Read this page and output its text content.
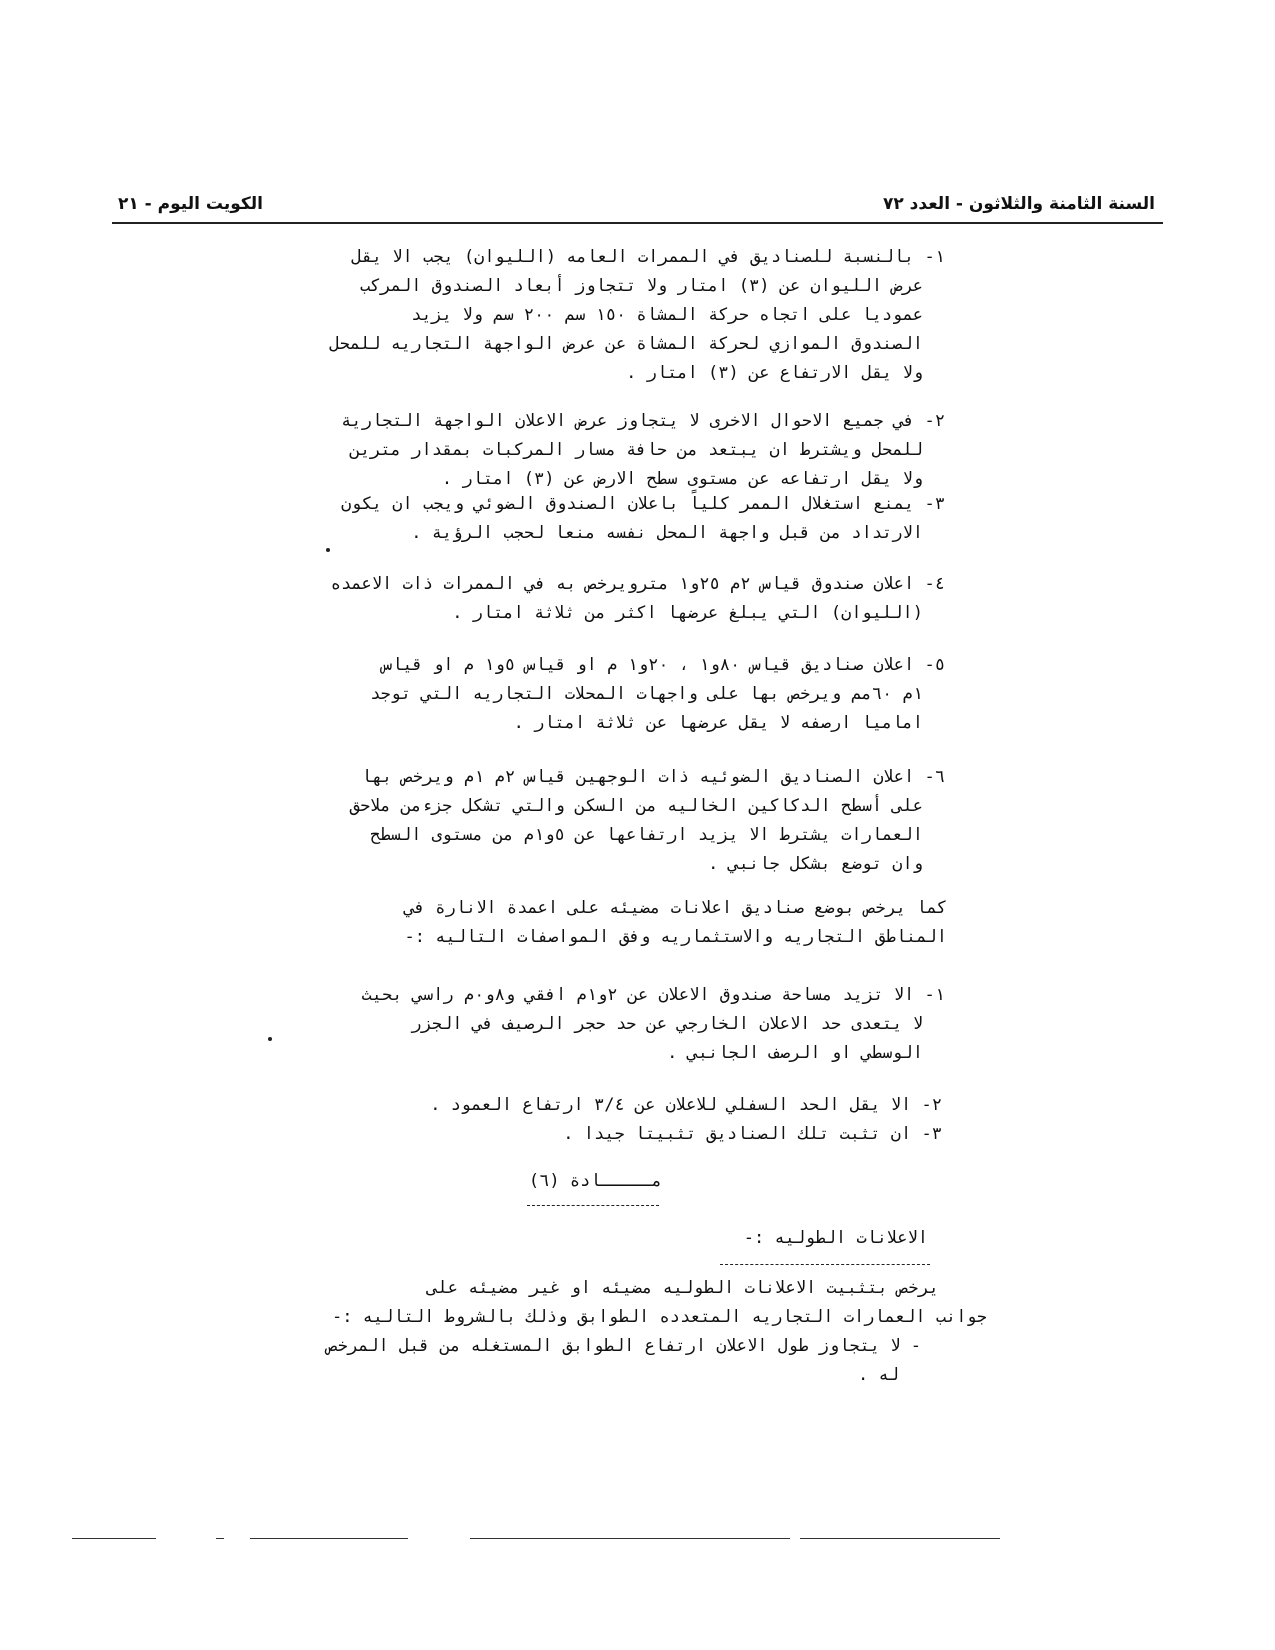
السنة الثامنة والثلاثون - العدد ٧٢
الكويت اليوم - ٢١
١- بالنسبة للصناديق في الممرات العامه (الليوان) يجب الا يقل
عرض الليوان عن (٣) امتار ولا تتجاوز أبعاد الصندوق المركب
عموديا على اتجاه حركة المشاة ١٥٠ سم ٢٠٠ سم ولا يزيد
الصندوق الموازي لحركة المشاة عن عرض الواجهة التجاريه للمحل
ولا يقل الارتفاع عن (٣) امتار .
٢- في جميع الاحوال الاخرى لا يتجاوز عرض الاعلان الواجهة التجارية
للمحل ويشترط ان يبتعد من حافة مسار المركبات بمقدار مترين
ولا يقل ارتفاعه عن مستوى سطح الارض عن (٣) امتار .
٣- يمنع استغلال الممر كلياً باعلان الصندوق الضوئي ويجب ان يكون
الارتداد من قبل واجهة المحل نفسه منعا لحجب الرؤية .
٤- اعلان صندوق قياس ٢م ٢٥و١ مترويرخص به في الممرات ذات الاعمده
(الليوان) التي يبلغ عرضها اكثر من ثلاثة امتار .
٥- اعلان صناديق قياس ٨٠و١ ، ٢٠و١ م او قياس ٥و١ م او قياس
١م ٦٠مم ويرخص بها على واجهات المحلات التجاريه التي توجد
اماميا ارصفه لا يقل عرضها عن ثلاثة امتار .
٦- اعلان الصناديق الضوئيه ذات الوجهين قياس ٢م ١م ويرخص بها
على أسطح الدكاكين الخاليه من السكن والتي تشكل جزءمن ملاحق
العمارات يشترط الا يزيد ارتفاعها عن ٥و١م من مستوى السطح
وان توضع بشكل جانبي .
كما يرخص بوضع صناديق اعلانات مضيئه على اعمدة الانارة في
المناطق التجاريه والاستثماريه وفق المواصفات التاليه :-
١- الا تزيد مساحة صندوق الاعلان عن ٢و١م افقي و٨و٠م راسي بحيث
لا يتعدى حد الاعلان الخارجي عن حد حجر الرصيف في الجزر
الوسطي او الرصف الجانبي .
٢- الا يقل الحد السفلي للاعلان عن ٣/٤ ارتفاع العمود .
٣- ان تثبت تلك الصناديق تثبيتا جيدا .
مـــــادة (٦)
الاعلانات الطوليه :-
يرخص بتثبيت الاعلانات الطوليه مضيئه او غير مضيئه على
جوانب العمارات التجاريه المتعدده الطوابق وذلك بالشروط التاليه :-
- لا يتجاوز طول الاعلان ارتفاع الطوابق المستغله من قبل المرخص
له .
